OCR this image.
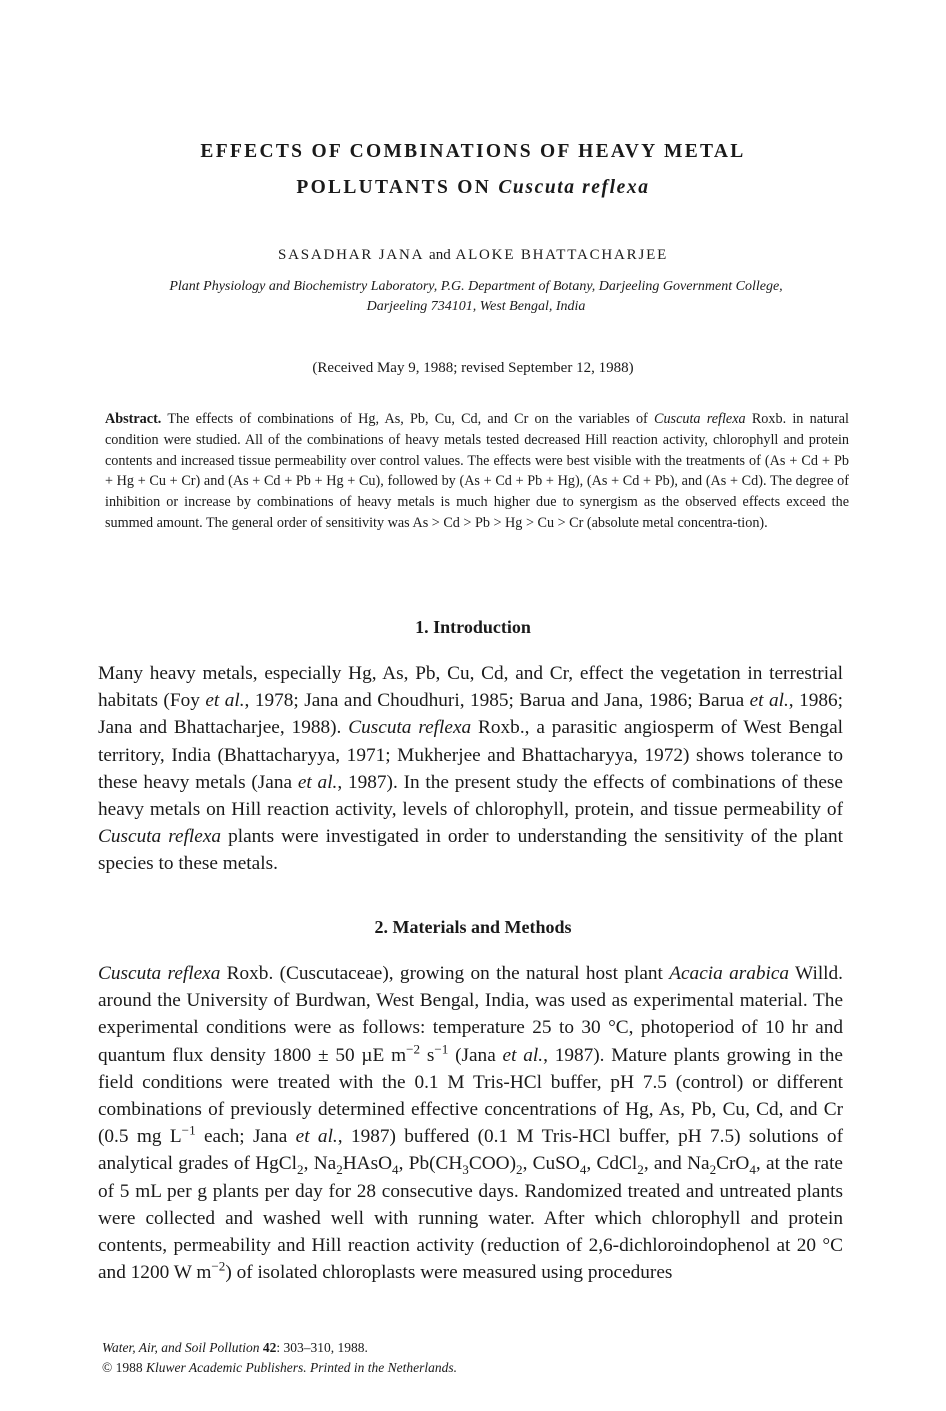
EFFECTS OF COMBINATIONS OF HEAVY METAL
POLLUTANTS ON Cuscuta reflexa
SASADHAR JANA and ALOKE BHATTACHARJEE
Plant Physiology and Biochemistry Laboratory, P.G. Department of Botany, Darjeeling Government College,
Darjeeling 734101, West Bengal, India
(Received May 9, 1988; revised September 12, 1988)

Abstract. The effects of combinations of Hg, As, Pb, Cu, Cd, and Cr on the variables of Cuscuta reflexa Roxb. in natural condition were studied. All of the combinations of heavy metals tested decreased Hill reaction activity, chlorophyll and protein contents and increased tissue permeability over control values. The effects were best visible with the treatments of (As + Cd + Pb + Hg + Cu + Cr) and (As + Cd + Pb + Hg + Cu), followed by (As + Cd + Pb + Hg), (As + Cd + Pb), and (As + Cd). The degree of inhibition or increase by combinations of heavy metals is much higher due to synergism as the observed effects exceed the summed amount. The general order of sensitivity was As > Cd > Pb > Hg > Cu > Cr (absolute metal concentra-tion).

1. Introduction

Many heavy metals, especially Hg, As, Pb, Cu, Cd, and Cr, effect the vegetation in terrestrial habitats (Foy et al., 1978; Jana and Choudhuri, 1985; Barua and Jana, 1986; Barua et al., 1986; Jana and Bhattacharjee, 1988). Cuscuta reflexa Roxb., a parasitic angiosperm of West Bengal territory, India (Bhattacharyya, 1971; Mukherjee and Bhattacharyya, 1972) shows tolerance to these heavy metals (Jana et al., 1987). In the present study the effects of combinations of these heavy metals on Hill reaction activity, levels of chlorophyll, protein, and tissue permeability of Cuscuta reflexa plants were investigated in order to understanding the sensitivity of the plant species to these metals.

2. Materials and Methods

Cuscuta reflexa Roxb. (Cuscutaceae), growing on the natural host plant Acacia arabica Willd. around the University of Burdwan, West Bengal, India, was used as experimental material. The experimental conditions were as follows: temperature 25 to 30 °C, photoperiod of 10 hr and quantum flux density 1800 ± 50 µE $m^{-2}$ $s^{-1}$ (Jana et al., 1987). Mature plants growing in the field conditions were treated with the 0.1 M Tris-HCl buffer, pH 7.5 (control) or different combinations of previously determined effective concentrations of Hg, As, Pb, Cu, Cd, and Cr (0.5 mg $L^{-1}$ each; Jana et al., 1987) buffered (0.1 M Tris-HCl buffer, pH 7.5) solutions of analytical grades of HgCl$_2$, $Na_2HAsO_4$, $Pb(CH_3COO)_2$, CuSO$_4$, CdCl$_2$, and $Na_2CrO_4$, at the rate of 5 mL per g plants per day for 28 consecutive days. Randomized treated and untreated plants were collected and washed well with running water. After which chlorophyll and protein contents, permeability and Hill reaction activity (reduction of 2,6-dichloroindophenol at 20 °C and 1200 W $m^{-2}$) of isolated chloroplasts were measured using procedures

Water, Air, and Soil Pollution 42: 303–310, 1988.
© 1988 Kluwer Academic Publishers. Printed in the Netherlands.
